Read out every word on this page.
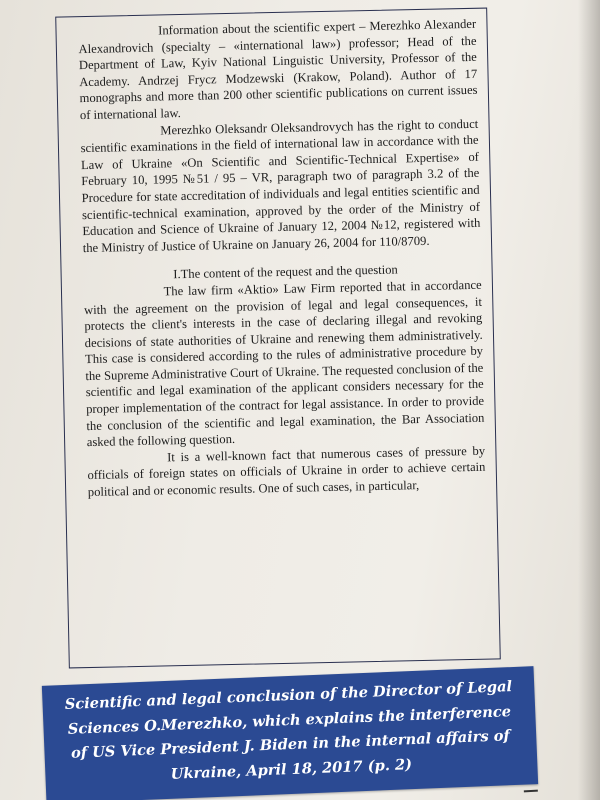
Information about the scientific expert – Merezhko Alexander Alexandrovich (specialty – «international law») professor; Head of the Department of Law, Kyiv National Linguistic University, Professor of the Academy. Andrzej Frycz Modzewski (Krakow, Poland). Author of 17 monographs and more than 200 other scientific publications on current issues of international law.

Merezhko Oleksandr Oleksandrovych has the right to conduct scientific examinations in the field of international law in accordance with the Law of Ukraine «On Scientific and Scientific-Technical Expertise» of February 10, 1995 №51 / 95 – VR, paragraph two of paragraph 3.2 of the Procedure for state accreditation of individuals and legal entities scientific and scientific-technical examination, approved by the order of the Ministry of Education and Science of Ukraine of January 12, 2004 №12, registered with the Ministry of Justice of Ukraine on January 26, 2004 for 110/8709.

I.The content of the request and the question

The law firm «Aktio» Law Firm reported that in accordance with the agreement on the provision of legal and legal consequences, it protects the client's interests in the case of declaring illegal and revoking decisions of state authorities of Ukraine and renewing them administratively. This case is considered according to the rules of administrative procedure by the Supreme Administrative Court of Ukraine. The requested conclusion of the scientific and legal examination of the applicant considers necessary for the proper implementation of the contract for legal assistance. In order to provide the conclusion of the scientific and legal examination, the Bar Association asked the following question.

It is a well-known fact that numerous cases of pressure by officials of foreign states on officials of Ukraine in order to achieve certain political and or economic results. One of such cases, in particular,

Scientific and legal conclusion of the Director of Legal
Sciences O.Merezhko, which explains the interference
of US Vice President J. Biden in the internal affairs of
Ukraine, April 18, 2017 (p. 2)
